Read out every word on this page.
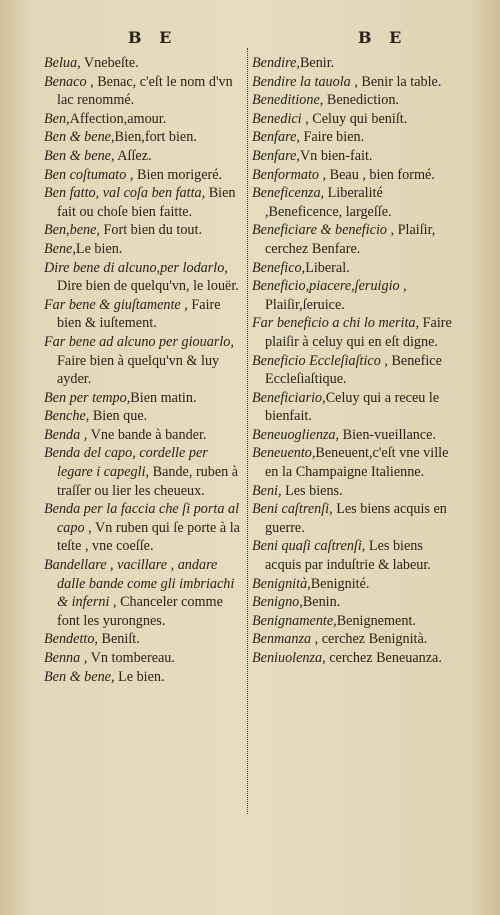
B E	B E
Belua, Vnebeſte.
Benaco , Benac, c'eſt le nom d'vn lac renommé.
Ben,Affection,amour.
Ben & bene,Bien,fort bien.
Ben & bene, Aſſez.
Ben coſtumato , Bien morigeré.
Ben fatto, val coſa ben fatta, Bien fait ou choſe bien faitte.
Ben,bene, Fort bien du tout.
Bene,Le bien.
Dire bene di alcuno,per lodarlo, Dire bien de quelqu'vn, le louër.
Far bene & giuſtamente , Faire bien & iuſtement.
Far bene ad alcuno per giouarlo, Faire bien à quelqu'vn & luy ayder.
Ben per tempo,Bien matin.
Benche, Bien que.
Benda , Vne bande à bander.
Benda del capo, cordelle per legare i capegli, Bande, ruben à traſſer ou lier les cheueux.
Benda per la faccia che ſi porta al capo , Vn ruben qui ſe porte à la teſte , vne coeſſe.
Bandellare , vacillare , andare dalle bande come gli imbriachi & inferni , Chanceler comme font les yurongnes.
Bendetto, Beniſt.
Benna , Vn tombereau.
Ben & bene, Le bien.
Bendire,Benir.
Bendire la tauola , Benir la table.
Beneditione, Benediction.
Benedici , Celuy qui beniſt.
Benfare, Faire bien.
Benfare,Vn bien-fait.
Benformato , Beau , bien formé.
Beneficenza, Liberalité ,Beneficence, largeſſe.
Beneficiare & beneficio , Plaiſir, cerchez Benfare.
Benefico,Liberal.
Beneficio,piacere,ſeruigio , Plaiſir,ſeruice.
Far beneficio a chi lo merita, Faire plaiſir à celuy qui en eſt digne.
Beneficio Eccleſiaſtico , Benefice Eccleſiaſtique.
Beneficiario,Celuy qui a receu le bienfait.
Beneuoglienza, Bien-vueillance.
Beneuento,Beneuent,c'eſt vne ville en la Champaigne Italienne.
Beni, Les biens.
Beni caſtrenſi, Les biens acquis en guerre.
Beni quaſi caſtrenſi, Les biens acquis par induſtrie & labeur.
Benignità,Benignité.
Benigno,Benin.
Benignamente,Benignement.
Benmanza , cerchez Benignità.
Beniuolenza, cerchez Beneuanza.
